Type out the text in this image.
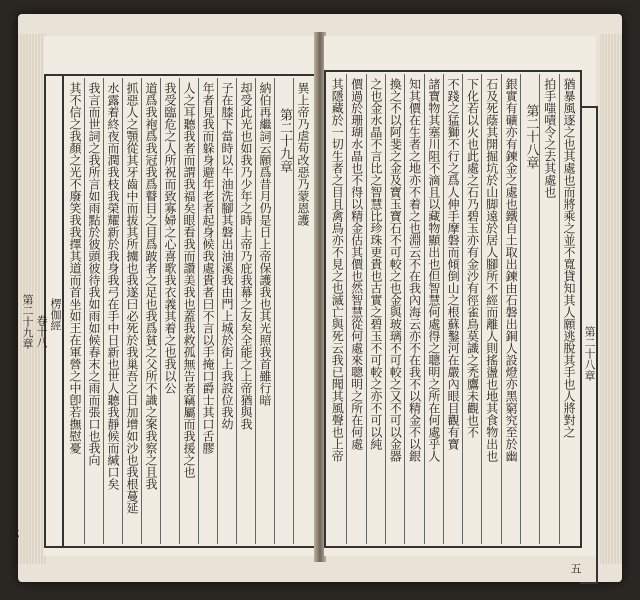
楞伽經
卷十八
第二十九章
六
異上帝乃虐苟改惡乃蒙恩護
第二十九章
納伯再繼詞云願爲昔月仍是日上帝保護我也其光照我首雖行暗
却受此光也如我乃少年之時上帝乃庇我幕之友矣全能之上帝猶與我
子在膝下當時以牛油洗腳其磐出油溪我由門上城於街上我設位我幼
年者見我而躲身避年老者起身候我處貴者曰不言以手掩口爵士其口舌膠
人之耳聽我者而謂我福矣眼看我而讚美我也蓋我救孤無告者竊屬而我援之也
我受臨危之人所祝而致寡婦之心喜歌我衣義其着之也我以公
道爲我袍爲我冠我爲瞽目之目爲跛者之足也我爲貧之父所不識之案我察之且我
抓惡人之顎從其牙齒中而拔其所擄也我遂曰必死於我巢吾之日加增如沙也我根蔓延
水露着終夜而潤我枝我榮耀新於我身我弓在手中日新也世人聽我靜候而緘口矣
我言而世詞之我所言如雨點於彼頭彼待我如雨如候春末之雨而張口也我向
其不信之我顏之光不廢笑我我擇其道而首坐如王在軍營之中卽若撫慰憂	猶暴風逐之也其處也而將乘之並不寬貸知其人願逃脫其手也人將對之
拍手嗤嘖令之去其處也
第二十八章
銀實有礦亦有鍊金之處也鐵自土取出鍊由石磐出銅人設燈亦黑窮究至於幽
石及死蔭其開掘坑於山脚遠於居人腳所不經而離人則搖盪也地其食物出也
下化若以火也此處之石乃碧玉亦有金沙有徑雀鳥莫識之禿鷹未觀也不
不踐之猛獅不行之爲人伸手摩磐而傾倒山之根蘇鑿河在嚴內眼目觀有寶
諸寶物其塞川阻不滴且以藏物顯出也但智慧何處得之聰明之所在何處乎人
知其價在生者之地亦不着之也淵云不在我內海云亦不在我不以精金不以銀
換之不以阿斐之金及寶玉寶石不可較之也金與玻璃不可較之又不可以金器
之也金水晶不言比之智慧比珍珠更貴也古實之碧玉不可較之亦不可以純
價過於珊瑚水晶也不得以精金估其價也然智慧從何處來聰明之所在何處
其隱藏於一切生者之目且禽鳥亦不見之也滅亡與死云我已聞其風聲也上帝	第二十八章
五
